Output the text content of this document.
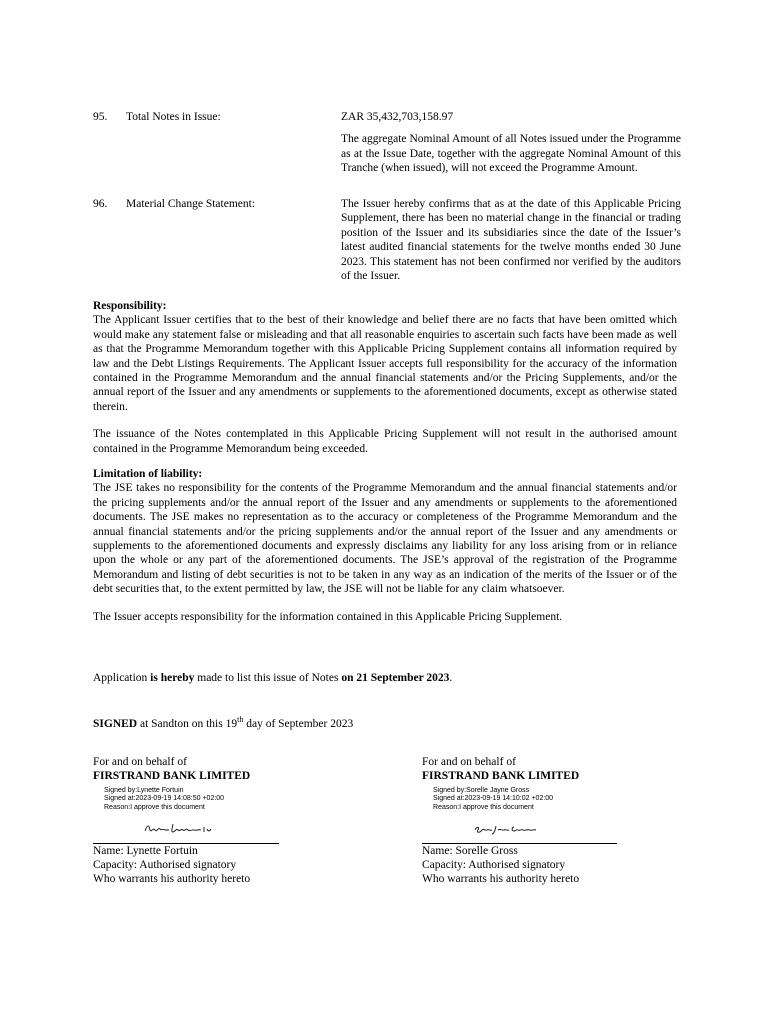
95. Total Notes in Issue:	ZAR 35,432,703,158.97

The aggregate Nominal Amount of all Notes issued under the Programme as at the Issue Date, together with the aggregate Nominal Amount of this Tranche (when issued), will not exceed the Programme Amount.

96. Material Change Statement:	The Issuer hereby confirms that as at the date of this Applicable Pricing Supplement, there has been no material change in the financial or trading position of the Issuer and its subsidiaries since the date of the Issuer’s latest audited financial statements for the twelve months ended 30 June 2023. This statement has not been confirmed nor verified by the auditors of the Issuer.

Responsibility:

The Applicant Issuer certifies that to the best of their knowledge and belief there are no facts that have been omitted which would make any statement false or misleading and that all reasonable enquiries to ascertain such facts have been made as well as that the Programme Memorandum together with this Applicable Pricing Supplement contains all information required by law and the Debt Listings Requirements. The Applicant Issuer accepts full responsibility for the accuracy of the information contained in the Programme Memorandum and the annual financial statements and/or the Pricing Supplements, and/or the annual report of the Issuer and any amendments or supplements to the aforementioned documents, except as otherwise stated therein.

The issuance of the Notes contemplated in this Applicable Pricing Supplement will not result in the authorised amount contained in the Programme Memorandum being exceeded.

Limitation of liability:

The JSE takes no responsibility for the contents of the Programme Memorandum and the annual financial statements and/or the pricing supplements and/or the annual report of the Issuer and any amendments or supplements to the aforementioned documents. The JSE makes no representation as to the accuracy or completeness of the Programme Memorandum and the annual financial statements and/or the pricing supplements and/or the annual report of the Issuer and any amendments or supplements to the aforementioned documents and expressly disclaims any liability for any loss arising from or in reliance upon the whole or any part of the aforementioned documents. The JSE’s approval of the registration of the Programme Memorandum and listing of debt securities is not to be taken in any way as an indication of the merits of the Issuer or of the debt securities that, to the extent permitted by law, the JSE will not be liable for any claim whatsoever.

The Issuer accepts responsibility for the information contained in this Applicable Pricing Supplement.

Application is hereby made to list this issue of Notes on 21 September 2023.

SIGNED at Sandton on this 19th day of September 2023

For and on behalf of

FIRSTRAND BANK LIMITED

Signed by:Lynette Fortuin
Signed at:2023-09-19 14:08:50 +02:00
Reason:I approve this document

Name: Lynette Fortuin

Capacity: Authorised signatory

Who warrants his authority hereto

For and on behalf of

FIRSTRAND BANK LIMITED

Signed by:Sorelle Jayne Gross
Signed at:2023-09-19 14:10:02 +02:00
Reason:I approve this document

Name: Sorelle Gross

Capacity: Authorised signatory

Who warrants his authority hereto
